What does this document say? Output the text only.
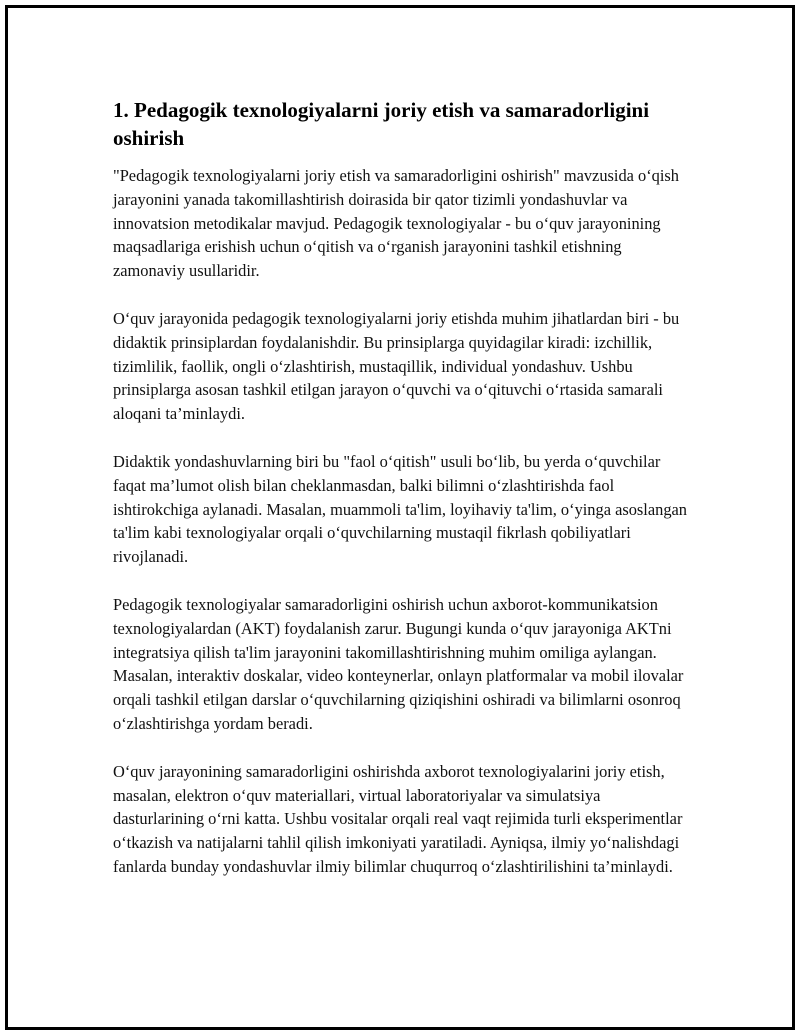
1. Pedagogik texnologiyalarni joriy etish va samaradorligini oshirish

"Pedagogik texnologiyalarni joriy etish va samaradorligini oshirish" mavzusida o‘qish jarayonini yanada takomillashtirish doirasida bir qator tizimli yondashuvlar va innovatsion metodikalar mavjud. Pedagogik texnologiyalar - bu o‘quv jarayonining maqsadlariga erishish uchun o‘qitish va o‘rganish jarayonini tashkil etishning zamonaviy usullaridir.

O‘quv jarayonida pedagogik texnologiyalarni joriy etishda muhim jihatlardan biri - bu didaktik prinsiplardan foydalanishdir. Bu prinsiplarga quyidagilar kiradi: izchillik, tizimlilik, faollik, ongli o‘zlashtirish, mustaqillik, individual yondashuv. Ushbu prinsiplarga asosan tashkil etilgan jarayon o‘quvchi va o‘qituvchi o‘rtasida samarali aloqani ta’minlaydi.

Didaktik yondashuvlarning biri bu "faol o‘qitish" usuli bo‘lib, bu yerda o‘quvchilar faqat ma’lumot olish bilan cheklanmasdan, balki bilimni o‘zlashtirishda faol ishtirokchiga aylanadi. Masalan, muammoli ta'lim, loyihaviy ta'lim, o‘yinga asoslangan ta'lim kabi texnologiyalar orqali o‘quvchilarning mustaqil fikrlash qobiliyatlari rivojlanadi.

Pedagogik texnologiyalar samaradorligini oshirish uchun axborot-kommunikatsion texnologiyalardan (AKT) foydalanish zarur. Bugungi kunda o‘quv jarayoniga AKTni integratsiya qilish ta'lim jarayonini takomillashtirishning muhim omiliga aylangan. Masalan, interaktiv doskalar, video konteynerlar, onlayn platformalar va mobil ilovalar orqali tashkil etilgan darslar o‘quvchilarning qiziqishini oshiradi va bilimlarni osonroq o‘zlashtirishga yordam beradi.

O‘quv jarayonining samaradorligini oshirishda axborot texnologiyalarini joriy etish, masalan, elektron o‘quv materiallari, virtual laboratoriyalar va simulatsiya dasturlarining o‘rni katta. Ushbu vositalar orqali real vaqt rejimida turli eksperimentlar o‘tkazish va natijalarni tahlil qilish imkoniyati yaratiladi. Ayniqsa, ilmiy yo‘nalishdagi fanlarda bunday yondashuvlar ilmiy bilimlar chuqurroq o‘zlashtirilishini ta’minlaydi.
